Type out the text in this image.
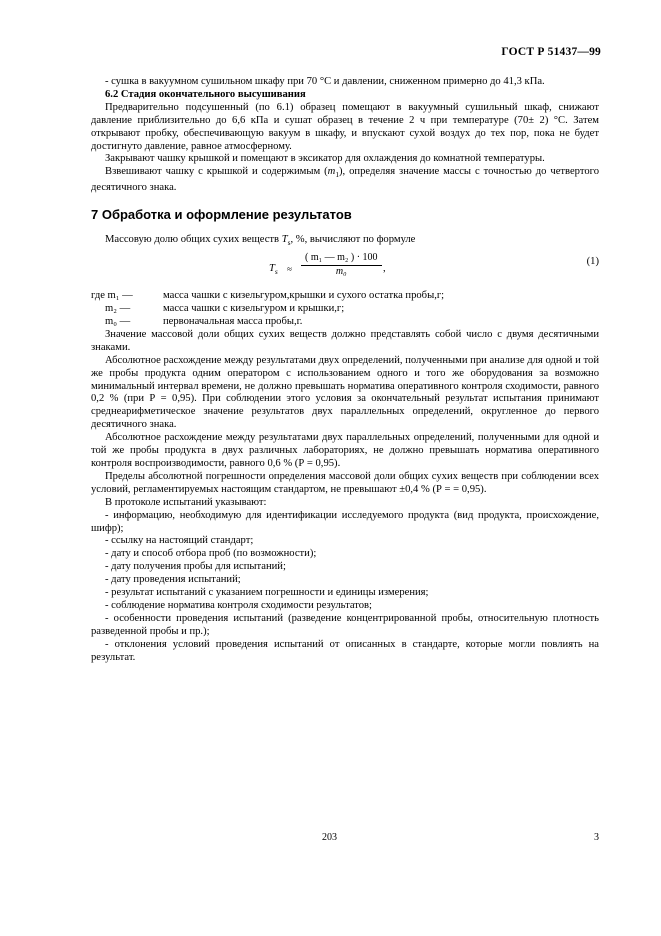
ГОСТ Р 51437—99

- сушка в вакуумном сушильном шкафу при 70 °С и давлении, сниженном примерно до 41,3 кПа.

6.2 Стадия окончательного высушивания

Предварительно подсушенный (по 6.1) образец помещают в вакуумный сушильный шкаф, снижают давление приблизительно до 6,6 кПа и сушат образец в течение 2 ч при температуре (70± 2) °С. Затем открывают пробку, обеспечивающую вакуум в шкафу, и впускают сухой воздух до тех пор, пока не будет достигнуто давление, равное атмосферному.

Закрывают чашку крышкой и помещают в эксикатор для охлаждения до комнатной температуры.

Взвешивают чашку с крышкой и содержимым $(m_1)$, определяя значение массы с точностью до четвертого десятичного знака.

7 Обработка и оформление результатов

Массовую долю общих сухих веществ $T_s$, %, вычисляют по формуле

$T_s \approx \frac{\text{( m₁ — m₂ ) · 100}}{\text{m₀}}$ ,
(1)
где m₁ —	масса чашки с кизельгуром,крышки и сухого остатка пробы,г;
m₂ —	масса чашки с кизельгуром и крышки,г;
m₀ —	первоначальная масса пробы,г.

Значение массовой доли общих сухих веществ должно представлять собой число с двумя десятичными знаками.

Абсолютное расхождение между результатами двух определений, полученными при анализе для одной и той же пробы продукта одним оператором с использованием одного и того же оборудования за возможно минимальный интервал времени, не должно превышать норматива оперативного контроля сходимости, равного 0,2 % (при Р = 0,95). При соблюдении этого условия за окончательный результат испытания принимают среднеарифметическое значение результатов двух параллельных определений, округленное до первого десятичного знака.

Абсолютное расхождение между результатами двух параллельных определений, полученными для одной и той же пробы продукта в двух различных лабораториях, не должно превышать норматива оперативного контроля воспроизводимости, равного 0,6 % (Р = 0,95).

Пределы абсолютной погрешности определения массовой доли общих сухих веществ при соблюдении всех условий, регламентируемых настоящим стандартом, не превышают ±0,4 % (Р = = 0,95).

В протоколе испытаний указывают:

- информацию, необходимую для идентификации исследуемого продукта (вид продукта, происхождение, шифр);

- ссылку на настоящий стандарт;

- дату и способ отбора проб (по возможности);

- дату получения пробы для испытаний;

- дату проведения испытаний;

- результат испытаний с указанием погрешности и единицы измерения;

- соблюдение норматива контроля сходимости результатов;

- особенности проведения испытаний (разведение концентрированной пробы, относительную плотность разведенной пробы и пр.);

- отклонения условий проведения испытаний от описанных в стандарте, которые могли повлиять на результат.

203	3
